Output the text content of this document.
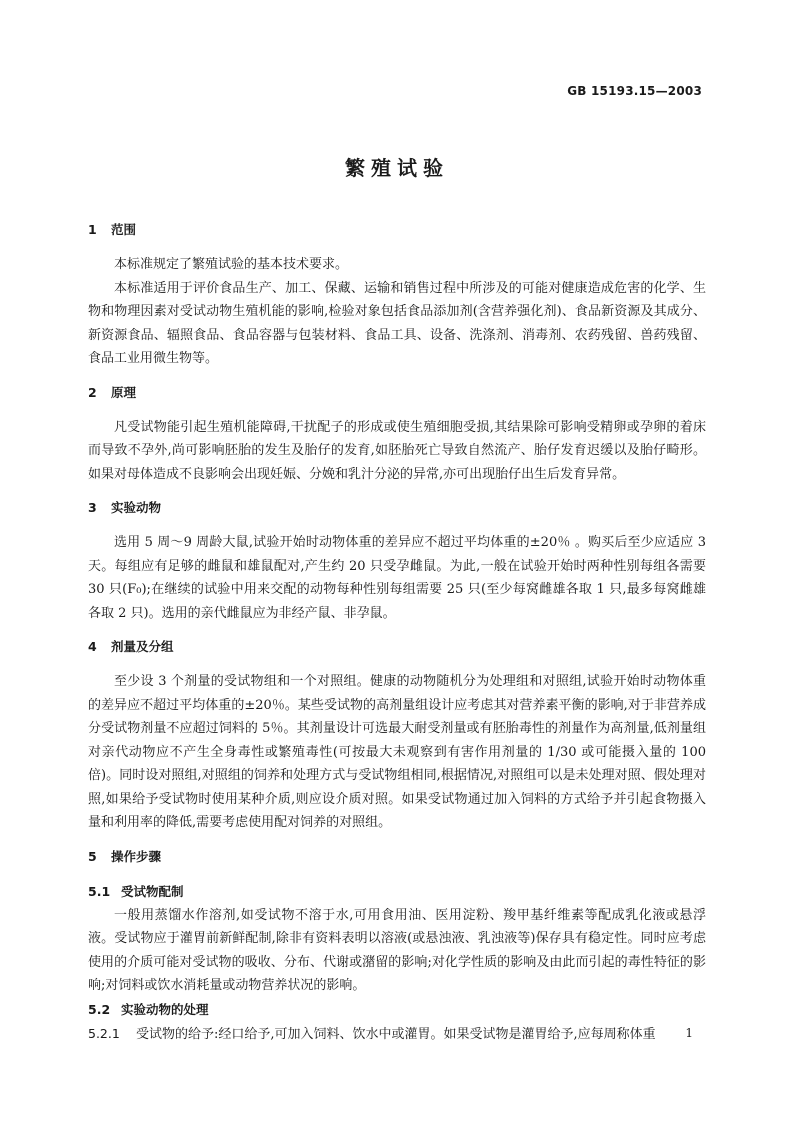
GB 15193.15—2003
繁殖试验
1 范围

本标准规定了繁殖试验的基本技术要求。

本标准适用于评价食品生产、加工、保藏、运输和销售过程中所涉及的可能对健康造成危害的化学、生物和物理因素对受试动物生殖机能的影响,检验对象包括食品添加剂(含营养强化剂)、食品新资源及其成分、新资源食品、辐照食品、食品容器与包装材料、食品工具、设备、洗涤剂、消毒剂、农药残留、兽药残留、食品工业用微生物等。

2 原理

凡受试物能引起生殖机能障碍,干扰配子的形成或使生殖细胞受损,其结果除可影响受精卵或孕卵的着床而导致不孕外,尚可影响胚胎的发生及胎仔的发育,如胚胎死亡导致自然流产、胎仔发育迟缓以及胎仔畸形。如果对母体造成不良影响会出现妊娠、分娩和乳汁分泌的异常,亦可出现胎仔出生后发育异常。

3 实验动物

选用 5 周～9 周龄大鼠,试验开始时动物体重的差异应不超过平均体重的±20％ 。购买后至少应适应 3 天。每组应有足够的雌鼠和雄鼠配对,产生约 20 只受孕雌鼠。为此,一般在试验开始时两种性别每组各需要 30 只(F₀);在继续的试验中用来交配的动物每种性别每组需要 25 只(至少每窝雌雄各取 1 只,最多每窝雌雄各取 2 只)。选用的亲代雌鼠应为非经产鼠、非孕鼠。

4 剂量及分组

至少设 3 个剂量的受试物组和一个对照组。健康的动物随机分为处理组和对照组,试验开始时动物体重的差异应不超过平均体重的±20％。某些受试物的高剂量组设计应考虑其对营养素平衡的影响,对于非营养成分受试物剂量不应超过饲料的 5％。其剂量设计可选最大耐受剂量或有胚胎毒性的剂量作为高剂量,低剂量组对亲代动物应不产生全身毒性或繁殖毒性(可按最大未观察到有害作用剂量的 1/30 或可能摄入量的 100 倍)。同时设对照组,对照组的饲养和处理方式与受试物组相同,根据情况,对照组可以是未处理对照、假处理对照,如果给予受试物时使用某种介质,则应设介质对照。如果受试物通过加入饲料的方式给予并引起食物摄入量和利用率的降低,需要考虑使用配对饲养的对照组。

5 操作步骤
5.1 受试物配制

一般用蒸馏水作溶剂,如受试物不溶于水,可用食用油、医用淀粉、羧甲基纤维素等配成乳化液或悬浮液。受试物应于灌胃前新鲜配制,除非有资料表明以溶液(或悬浊液、乳浊液等)保存具有稳定性。同时应考虑使用的介质可能对受试物的吸收、分布、代谢或潴留的影响;对化学性质的影响及由此而引起的毒性特征的影响;对饲料或饮水消耗量或动物营养状况的影响。

5.2 实验动物的处理

5.2.1 受试物的给予:经口给予,可加入饲料、饮水中或灌胃。如果受试物是灌胃给予,应每周称体重	1
